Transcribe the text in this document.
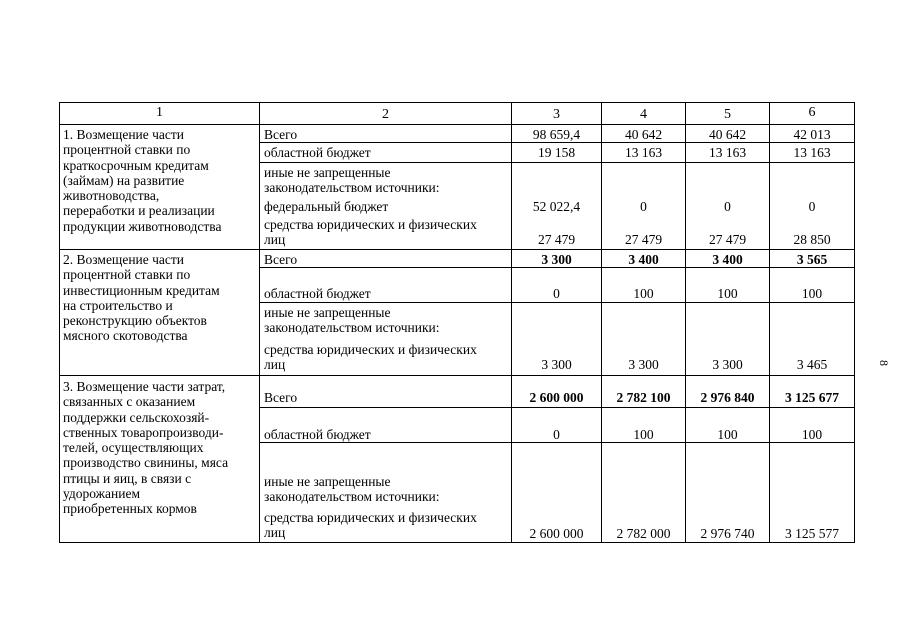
8
1	2	3	4	5	6
1. Возмещение части
процентной ставки по
краткосрочным кредитам
(займам) на развитие
животноводства,
переработки и реализации
продукции животноводства
Всего	98 659,4	40 642	40 642	42 013
областной бюджет	19 158	13 163	13 163	13 163
иные не запрещенные
законодательством источники:
федеральный бюджет	52 022,4	0	0	0
средства юридических и физических
лиц	27 479	27 479	27 479	28 850
2. Возмещение части
процентной ставки по
инвестиционным кредитам
на строительство и
реконструкцию объектов
мясного скотоводства
Всего	3 300	3 400	3 400	3 565
областной бюджет	0	100	100	100
иные не запрещенные
законодательством источники:
средства юридических и физических
лиц	3 300	3 300	3 300	3 465
3. Возмещение части затрат,
связанных с оказанием
поддержки сельскохозяй-
ственных товаропроизводи-
телей, осуществляющих
производство свинины, мяса
птицы и яиц, в связи с
удорожанием
приобретенных кормов
Всего	2 600 000	2 782 100	2 976 840	3 125 677
областной бюджет	0	100	100	100
иные не запрещенные
законодательством источники:
средства юридических и физических
лиц	2 600 000	2 782 000	2 976 740	3 125 577
